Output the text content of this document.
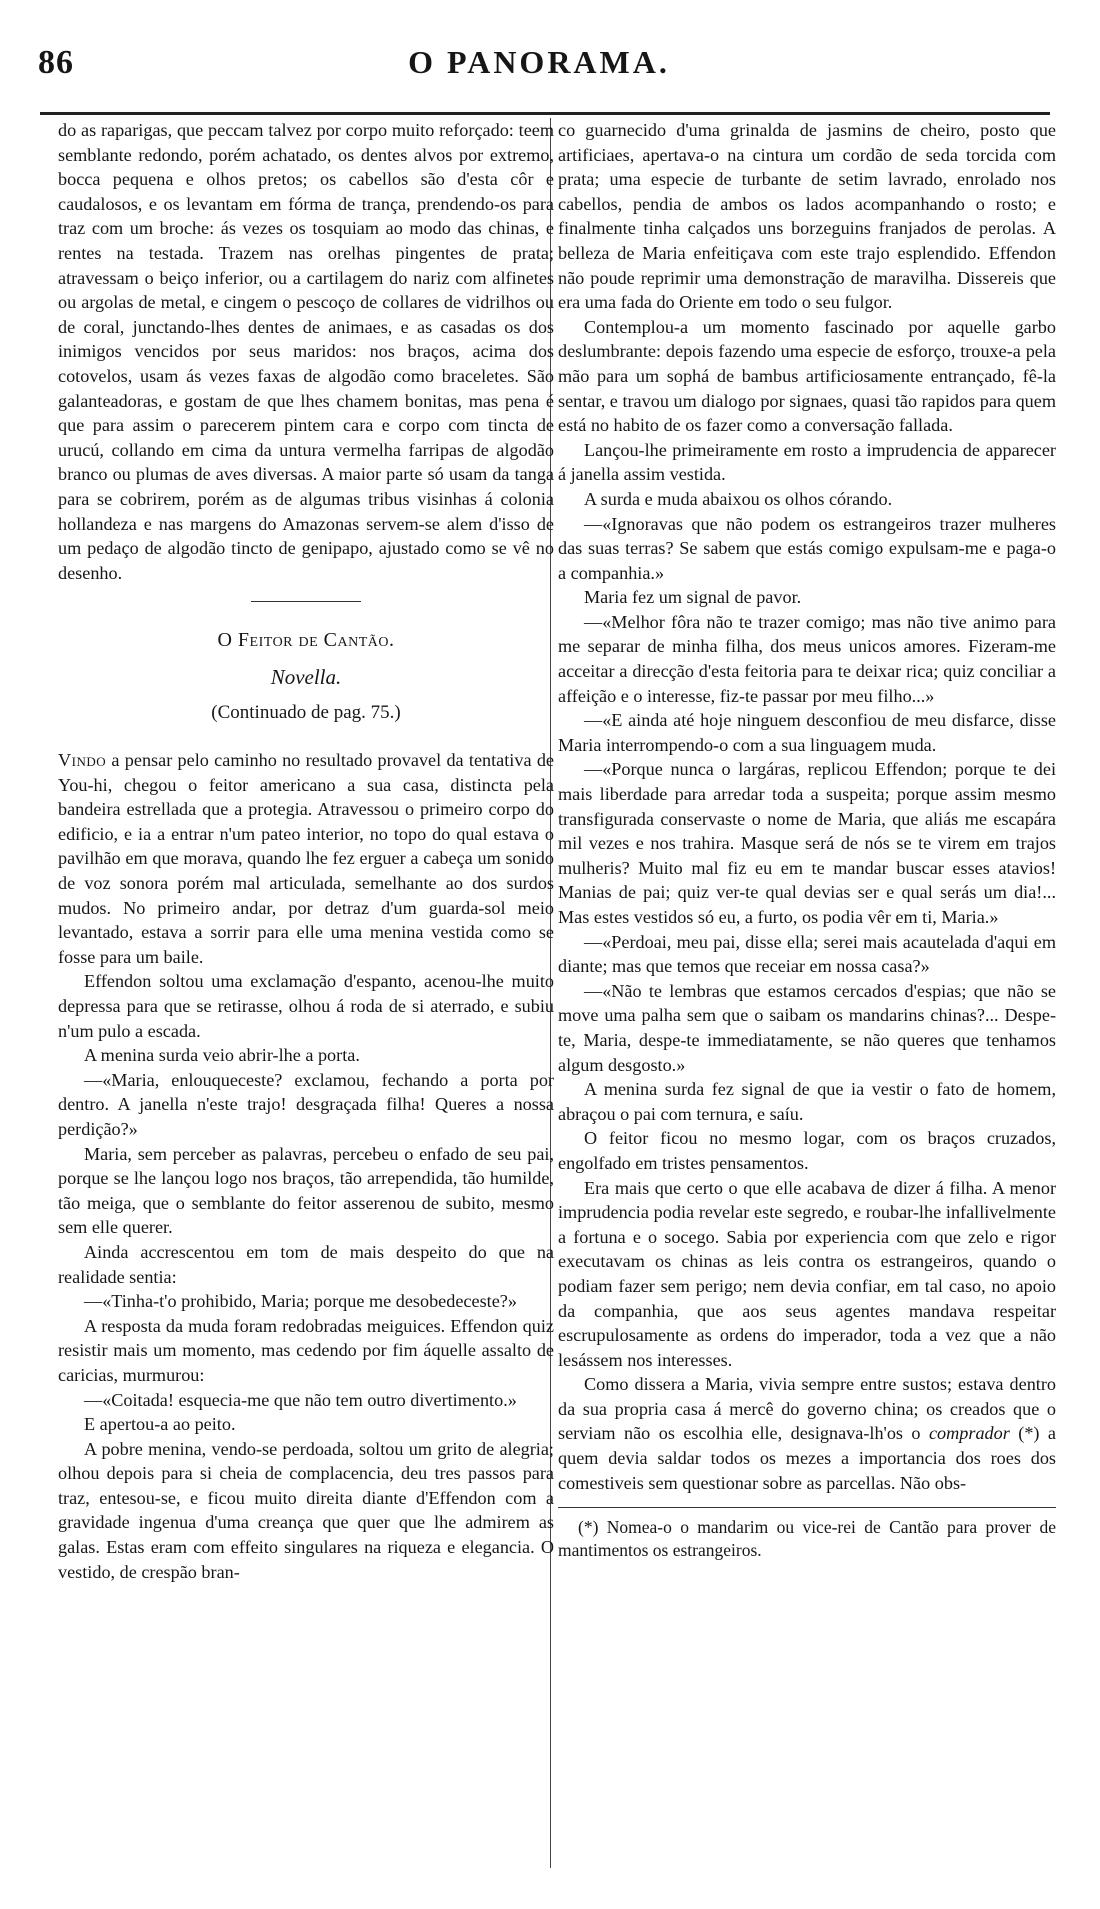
86	O PANORAMA.

do as raparigas, que peccam talvez por corpo muito reforçado: teem semblante redondo, porém achatado, os dentes alvos por extremo, bocca pequena e olhos pretos; os cabellos são d'esta côr e caudalosos, e os levantam em fórma de trança, prendendo-os para traz com um broche: ás vezes os tosquiam ao modo das chinas, e rentes na testada. Trazem nas orelhas pingentes de prata; atravessam o beiço inferior, ou a cartilagem do nariz com alfinetes ou argolas de metal, e cingem o pescoço de collares de vidrilhos ou de coral, junctando-lhes dentes de animaes, e as casadas os dos inimigos vencidos por seus maridos: nos braços, acima dos cotovelos, usam ás vezes faxas de algodão como braceletes. São galanteadoras, e gostam de que lhes chamem bonitas, mas pena é que para assim o parecerem pintem cara e corpo com tincta de urucú, collando em cima da untura vermelha farripas de algodão branco ou plumas de aves diversas. A maior parte só usam da tanga para se cobrirem, porém as de algumas tribus visinhas á colonia hollandeza e nas margens do Amazonas servem-se alem d'isso de um pedaço de algodão tincto de genipapo, ajustado como se vê no desenho.

O Feitor de Cantão.
Novella.
(Continuado de pag. 75.)

Vindo a pensar pelo caminho no resultado provavel da tentativa de You-hi, chegou o feitor americano a sua casa, distincta pela bandeira estrellada que a protegia. Atravessou o primeiro corpo do edificio, e ia a entrar n'um pateo interior, no topo do qual estava o pavilhão em que morava, quando lhe fez erguer a cabeça um sonido de voz sonora porém mal articulada, semelhante ao dos surdos mudos. No primeiro andar, por detraz d'um guarda-sol meio levantado, estava a sorrir para elle uma menina vestida como se fosse para um baile.

Effendon soltou uma exclamação d'espanto, acenou-lhe muito depressa para que se retirasse, olhou á roda de si aterrado, e subiu n'um pulo a escada.

A menina surda veio abrir-lhe a porta.

—«Maria, enlouqueceste? exclamou, fechando a porta por dentro. A janella n'este trajo! desgraçada filha! Queres a nossa perdição?»

Maria, sem perceber as palavras, percebeu o enfado de seu pai, porque se lhe lançou logo nos braços, tão arrependida, tão humilde, tão meiga, que o semblante do feitor asserenou de subito, mesmo sem elle querer.

Ainda accrescentou em tom de mais despeito do que na realidade sentia:

—«Tinha-t'o prohibido, Maria; porque me desobedeceste?»

A resposta da muda foram redobradas meiguices. Effendon quiz resistir mais um momento, mas cedendo por fim áquelle assalto de caricias, murmurou:

—«Coitada! esquecia-me que não tem outro divertimento.»

E apertou-a ao peito.

A pobre menina, vendo-se perdoada, soltou um grito de alegria; olhou depois para si cheia de complacencia, deu tres passos para traz, entesou-se, e ficou muito direita diante d'Effendon com a gravidade ingenua d'uma creança que quer que lhe admirem as galas. Estas eram com effeito singulares na riqueza e elegancia. O vestido, de crespão bran-

co guarnecido d'uma grinalda de jasmins de cheiro, posto que artificiaes, apertava-o na cintura um cordão de seda torcida com prata; uma especie de turbante de setim lavrado, enrolado nos cabellos, pendia de ambos os lados acompanhando o rosto; e finalmente tinha calçados uns borzeguins franjados de perolas. A belleza de Maria enfeitiçava com este trajo esplendido. Effendon não poude reprimir uma demonstração de maravilha. Dissereis que era uma fada do Oriente em todo o seu fulgor.

Contemplou-a um momento fascinado por aquelle garbo deslumbrante: depois fazendo uma especie de esforço, trouxe-a pela mão para um sophá de bambus artificiosamente entrançado, fê-la sentar, e travou um dialogo por signaes, quasi tão rapidos para quem está no habito de os fazer como a conversação fallada.

Lançou-lhe primeiramente em rosto a imprudencia de apparecer á janella assim vestida.

A surda e muda abaixou os olhos córando.

—«Ignoravas que não podem os estrangeiros trazer mulheres das suas terras? Se sabem que estás comigo expulsam-me e paga-o a companhia.»

Maria fez um signal de pavor.

—«Melhor fôra não te trazer comigo; mas não tive animo para me separar de minha filha, dos meus unicos amores. Fizeram-me acceitar a direcção d'esta feitoria para te deixar rica; quiz conciliar a affeição e o interesse, fiz-te passar por meu filho...»

—«E ainda até hoje ninguem desconfiou de meu disfarce, disse Maria interrompendo-o com a sua linguagem muda.

—«Porque nunca o largáras, replicou Effendon; porque te dei mais liberdade para arredar toda a suspeita; porque assim mesmo transfigurada conservaste o nome de Maria, que aliás me escapára mil vezes e nos trahira. Masque será de nós se te virem em trajos mulheris? Muito mal fiz eu em te mandar buscar esses atavios! Manias de pai; quiz ver-te qual devias ser e qual serás um dia!... Mas estes vestidos só eu, a furto, os podia vêr em ti, Maria.»

—«Perdoai, meu pai, disse ella; serei mais acautelada d'aqui em diante; mas que temos que receiar em nossa casa?»

—«Não te lembras que estamos cercados d'espias; que não se move uma palha sem que o saibam os mandarins chinas?... Despe-te, Maria, despe-te immediatamente, se não queres que tenhamos algum desgosto.»

A menina surda fez signal de que ia vestir o fato de homem, abraçou o pai com ternura, e saíu.

O feitor ficou no mesmo logar, com os braços cruzados, engolfado em tristes pensamentos.

Era mais que certo o que elle acabava de dizer á filha. A menor imprudencia podia revelar este segredo, e roubar-lhe infallivelmente a fortuna e o socego. Sabia por experiencia com que zelo e rigor executavam os chinas as leis contra os estrangeiros, quando o podiam fazer sem perigo; nem devia confiar, em tal caso, no apoio da companhia, que aos seus agentes mandava respeitar escrupulosamente as ordens do imperador, toda a vez que a não lesássem nos interesses.

Como dissera a Maria, vivia sempre entre sustos; estava dentro da sua propria casa á mercê do governo china; os creados que o serviam não os escolhia elle, designava-lh'os o comprador (*) a quem devia saldar todos os mezes a importancia dos roes dos comestiveis sem questionar sobre as parcellas. Não obs-

(*) Nomea-o o mandarim ou vice-rei de Cantão para prover de mantimentos os estrangeiros.
